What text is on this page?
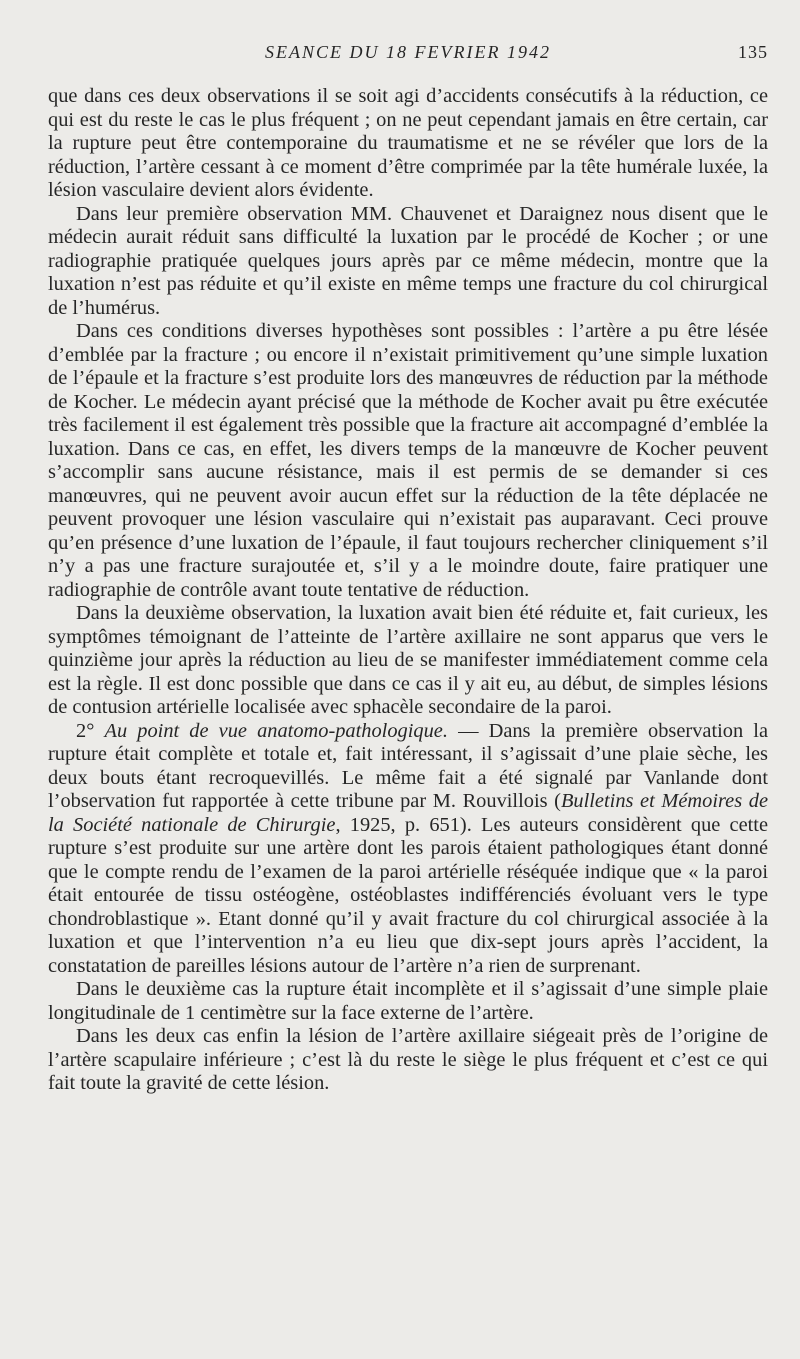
SEANCE DU 18 FEVRIER 1942	135

que dans ces deux observations il se soit agi d’accidents consécutifs à la réduction, ce qui est du reste le cas le plus fréquent ; on ne peut cependant jamais en être certain, car la rupture peut être contemporaine du traumatisme et ne se révéler que lors de la réduction, l’artère cessant à ce moment d’être comprimée par la tête humérale luxée, la lésion vasculaire devient alors évidente.

Dans leur première observation MM. Chauvenet et Daraignez nous disent que le médecin aurait réduit sans difficulté la luxation par le procédé de Kocher ; or une radiographie pratiquée quelques jours après par ce même médecin, montre que la luxation n’est pas réduite et qu’il existe en même temps une fracture du col chirurgical de l’humérus.

Dans ces conditions diverses hypothèses sont possibles : l’artère a pu être lésée d’emblée par la fracture ; ou encore il n’existait primitivement qu’une simple luxation de l’épaule et la fracture s’est produite lors des manœuvres de réduction par la méthode de Kocher. Le médecin ayant précisé que la méthode de Kocher avait pu être exécutée très facilement il est également très possible que la fracture ait accompagné d’emblée la luxation. Dans ce cas, en effet, les divers temps de la manœuvre de Kocher peuvent s’accomplir sans aucune résistance, mais il est permis de se demander si ces manœuvres, qui ne peuvent avoir aucun effet sur la réduction de la tête déplacée ne peuvent provoquer une lésion vasculaire qui n’existait pas auparavant. Ceci prouve qu’en présence d’une luxation de l’épaule, il faut toujours rechercher cliniquement s’il n’y a pas une fracture surajoutée et, s’il y a le moindre doute, faire pratiquer une radiographie de contrôle avant toute tentative de réduction.

Dans la deuxième observation, la luxation avait bien été réduite et, fait curieux, les symptômes témoignant de l’atteinte de l’artère axillaire ne sont apparus que vers le quinzième jour après la réduction au lieu de se manifester immédiatement comme cela est la règle. Il est donc possible que dans ce cas il y ait eu, au début, de simples lésions de contusion artérielle localisée avec sphacèle secondaire de la paroi.

2° Au point de vue anatomo-pathologique. — Dans la première observation la rupture était complète et totale et, fait intéressant, il s’agissait d’une plaie sèche, les deux bouts étant recroquevillés. Le même fait a été signalé par Vanlande dont l’observation fut rapportée à cette tribune par M. Rouvillois (Bulletins et Mémoires de la Société nationale de Chirurgie, 1925, p. 651). Les auteurs considèrent que cette rupture s’est produite sur une artère dont les parois étaient pathologiques étant donné que le compte rendu de l’examen de la paroi artérielle réséquée indique que « la paroi était entourée de tissu ostéogène, ostéoblastes indifférenciés évoluant vers le type chondroblastique ». Etant donné qu’il y avait fracture du col chirurgical associée à la luxation et que l’intervention n’a eu lieu que dix-sept jours après l’accident, la constatation de pareilles lésions autour de l’artère n’a rien de surprenant.

Dans le deuxième cas la rupture était incomplète et il s’agissait d’une simple plaie longitudinale de 1 centimètre sur la face externe de l’artère.

Dans les deux cas enfin la lésion de l’artère axillaire siégeait près de l’origine de l’artère scapulaire inférieure ; c’est là du reste le siège le plus fréquent et c’est ce qui fait toute la gravité de cette lésion.
